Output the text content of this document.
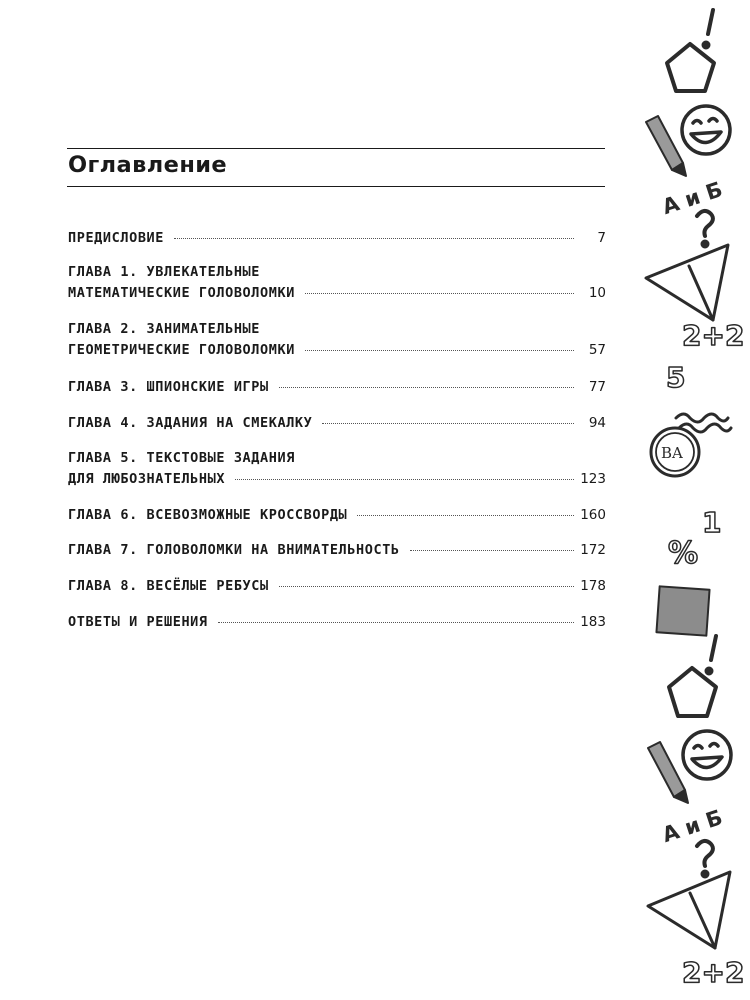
Оглавление

ПРЕДИСЛОВИЕ	7
ГЛАВА 1. УВЛЕКАТЕЛЬНЫЕ
МАТЕМАТИЧЕСКИЕ ГОЛОВОЛОМКИ	10
ГЛАВА 2. ЗАНИМАТЕЛЬНЫЕ
ГЕОМЕТРИЧЕСКИЕ ГОЛОВОЛОМКИ	57

ГЛАВА 3. ШПИОНСКИЕ ИГРЫ	77

ГЛАВА 4. ЗАДАНИЯ НА СМЕКАЛКУ	94
ГЛАВА 5. ТЕКСТОВЫЕ ЗАДАНИЯ
ДЛЯ ЛЮБОЗНАТЕЛЬНЫХ	123

ГЛАВА 6. ВСЕВОЗМОЖНЫЕ КРОССВОРДЫ	160

ГЛАВА 7. ГОЛОВОЛОМКИ НА ВНИМАТЕЛЬНОСТЬ	172

ГЛАВА 8. ВЕСЁЛЫЕ РЕБУСЫ	178

ОТВЕТЫ И РЕШЕНИЯ	183
А и Б
2+2
5
BA
%
1
А и Б
2+2
